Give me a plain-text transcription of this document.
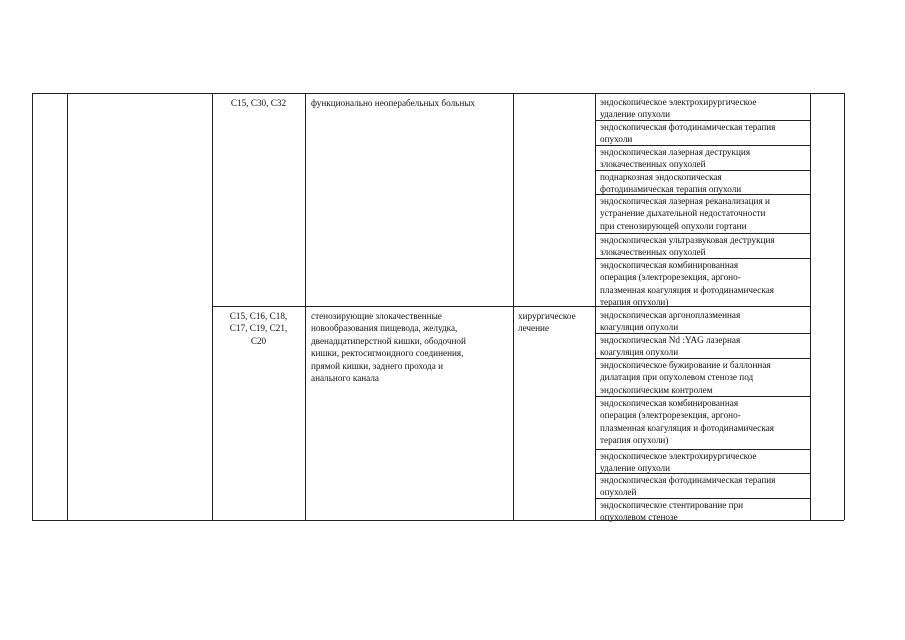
C15, C30, C32	функционально неоперабельных больных	эндоскопическое электрохирургическое
удаление опухоли
эндоскопическая фотодинамическая терапия
опухоли
эндоскопическая лазерная деструкция
злокачественных опухолей
поднаркозная эндоскопическая
фотодинамическая терапия опухоли
эндоскопическая лазерная реканализация и
устранение дыхательной недостаточности
при стенозирующей опухоли гортани
эндоскопическая ультразвуковая деструкция
злокачественных опухолей
эндоскопическая комбинированная
операция (электрорезекция, аргоно-
плазменная коагуляция и фотодинамическая
терапия опухоли)
C15, C16, C18,
C17, C19, C21,
C20
стенозирующие злокачественные
новообразования пищевода, желудка,
двенадцатиперстной кишки, ободочной
кишки, ректосигмоидного соединения,
прямой кишки, заднего прохода и
анального канала
хирургическое
лечение
эндоскопическая аргоноплазменная
коагуляция опухоли
эндоскопическая Nd :YAG лазерная
коагуляция опухоли
эндоскопическое бужирование и баллонная
дилатация при опухолевом стенозе под
эндоскопическим контролем
эндоскопическая комбинированная
операция (электрорезекция, аргоно-
плазменная коагуляция и фотодинамическая
терапия опухоли)
эндоскопическое электрохирургическое
удаление опухоли
эндоскопическая фотодинамическая терапия
опухолей
эндоскопическое стентирование при
опухолевом стенозе
